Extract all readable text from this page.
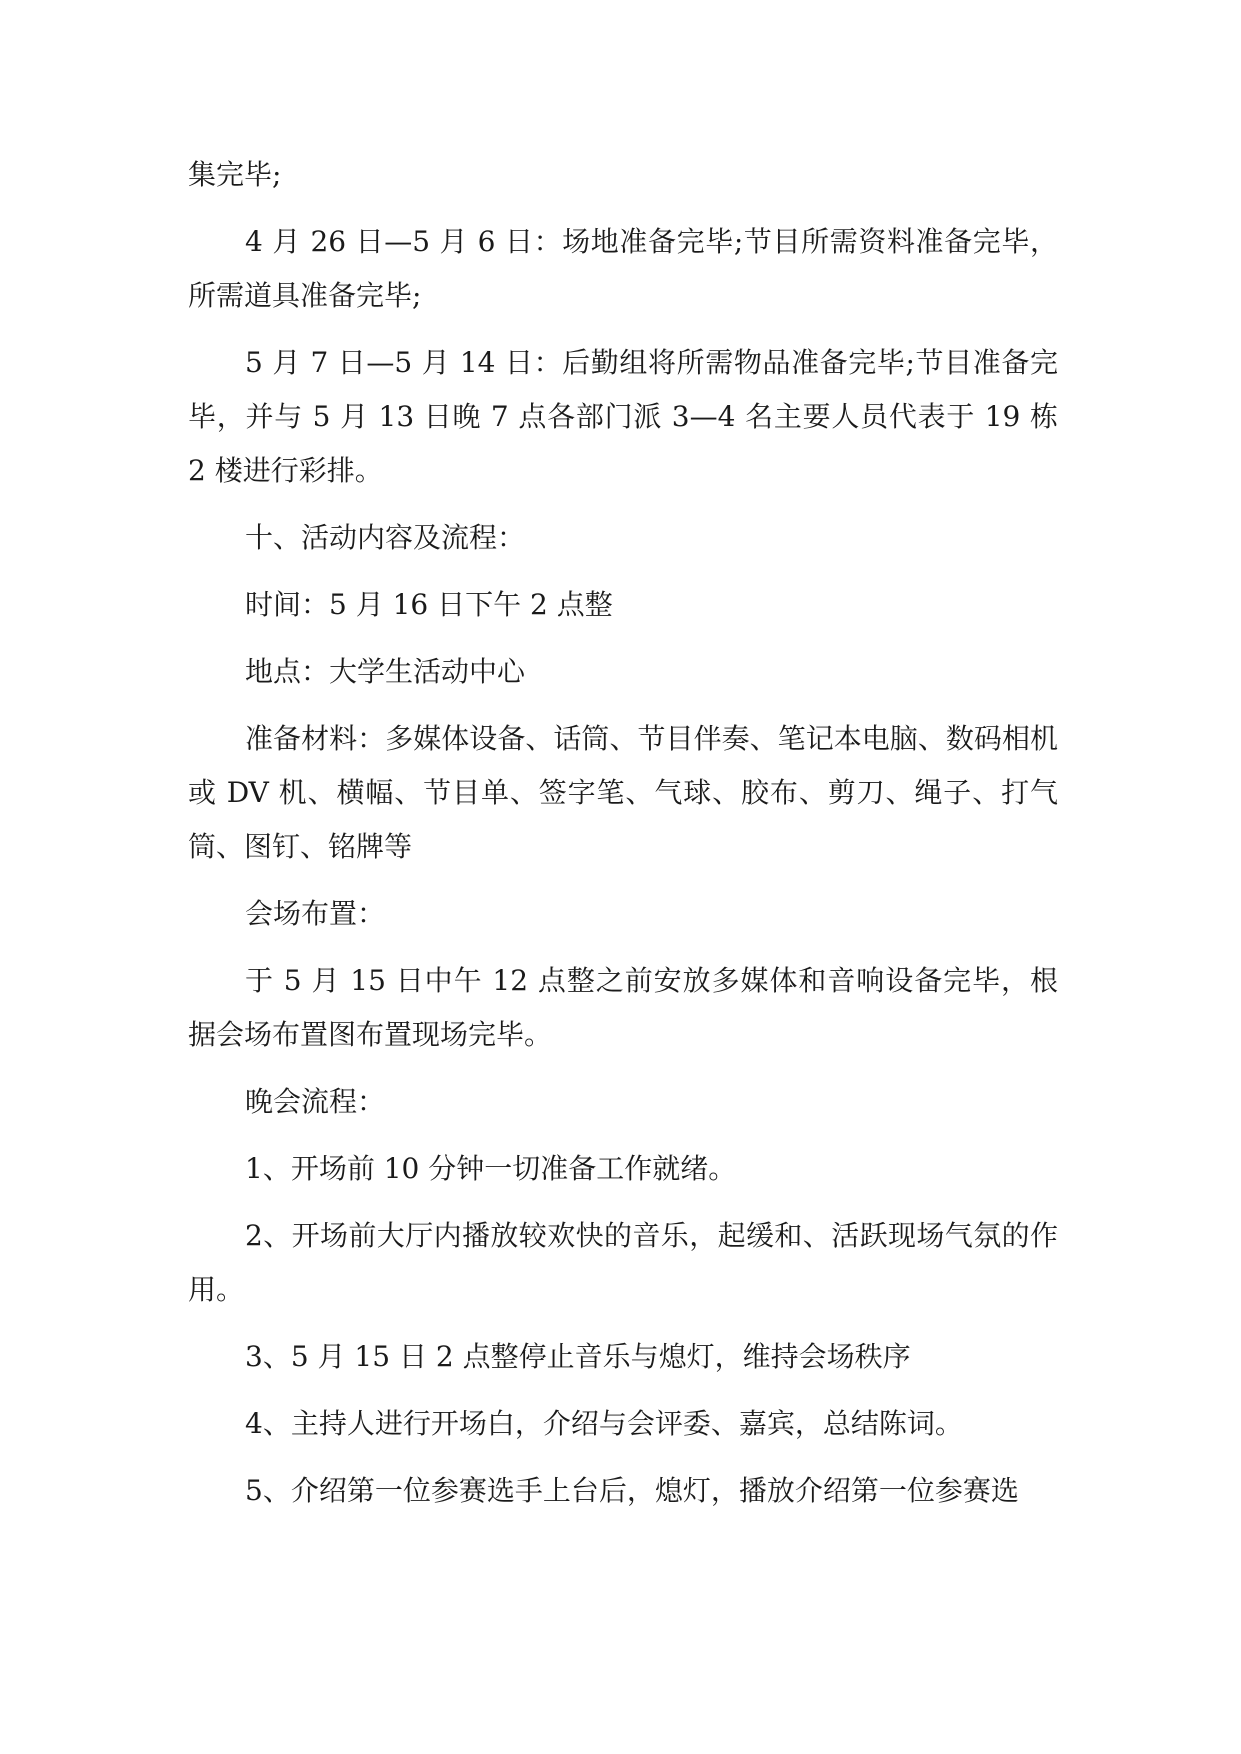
集完毕;

4 月 26 日—5 月 6 日：场地准备完毕;节目所需资料准备完毕，所需道具准备完毕;

5 月 7 日—5 月 14 日：后勤组将所需物品准备完毕;节目准备完毕，并与 5 月 13 日晚 7 点各部门派 3—4 名主要人员代表于 19 栋 2 楼进行彩排。

十、活动内容及流程：

时间：5 月 16 日下午 2 点整

地点：大学生活动中心

准备材料：多媒体设备、话筒、节目伴奏、笔记本电脑、数码相机或 DV 机、横幅、节目单、签字笔、气球、胶布、剪刀、绳子、打气筒、图钉、铭牌等

会场布置：

于 5 月 15 日中午 12 点整之前安放多媒体和音响设备完毕，根据会场布置图布置现场完毕。

晚会流程：

1、开场前 10 分钟一切准备工作就绪。

2、开场前大厅内播放较欢快的音乐，起缓和、活跃现场气氛的作用。

3、5 月 15 日 2 点整停止音乐与熄灯，维持会场秩序

4、主持人进行开场白，介绍与会评委、嘉宾，总结陈词。

5、介绍第一位参赛选手上台后，熄灯，播放介绍第一位参赛选
